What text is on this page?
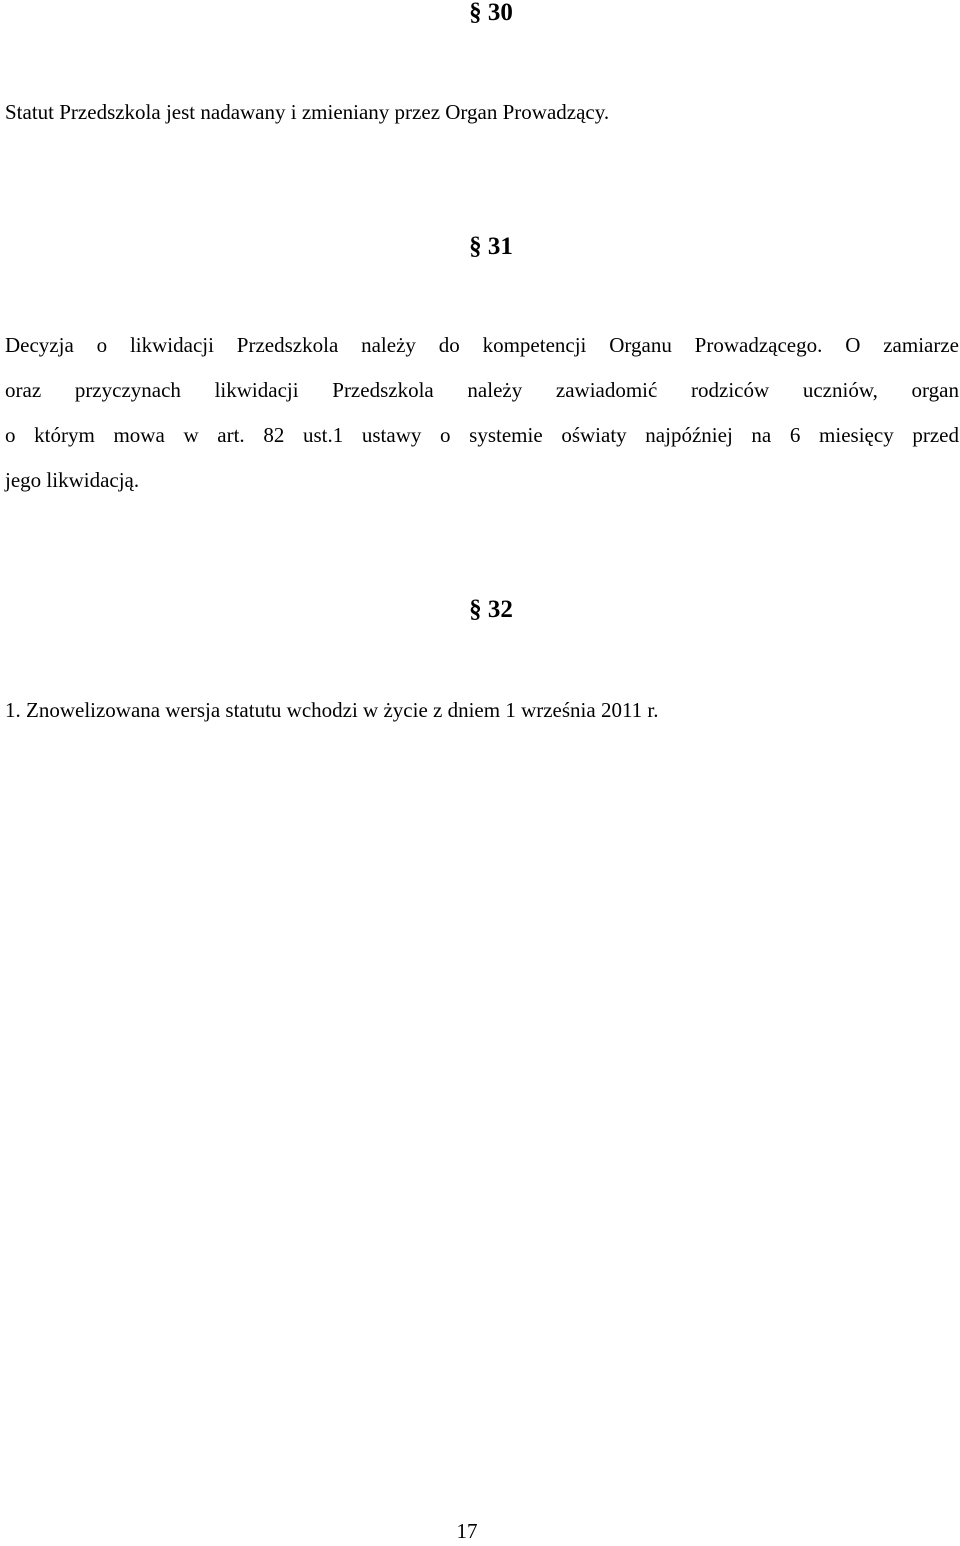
§ 30

Statut Przedszkola jest nadawany i zmieniany przez Organ Prowadzący.

§ 31
Decyzja o likwidacji Przedszkola należy do kompetencji Organu Prowadzącego. O zamiarze
oraz przyczynach likwidacji Przedszkola należy zawiadomić rodziców uczniów, organ
o którym mowa w art. 82 ust.1 ustawy o systemie oświaty najpóźniej na 6 miesięcy przed
jego likwidacją.
§ 32

1. Znowelizowana wersja statutu wchodzi w życie z dniem 1 września 2011 r.

17
